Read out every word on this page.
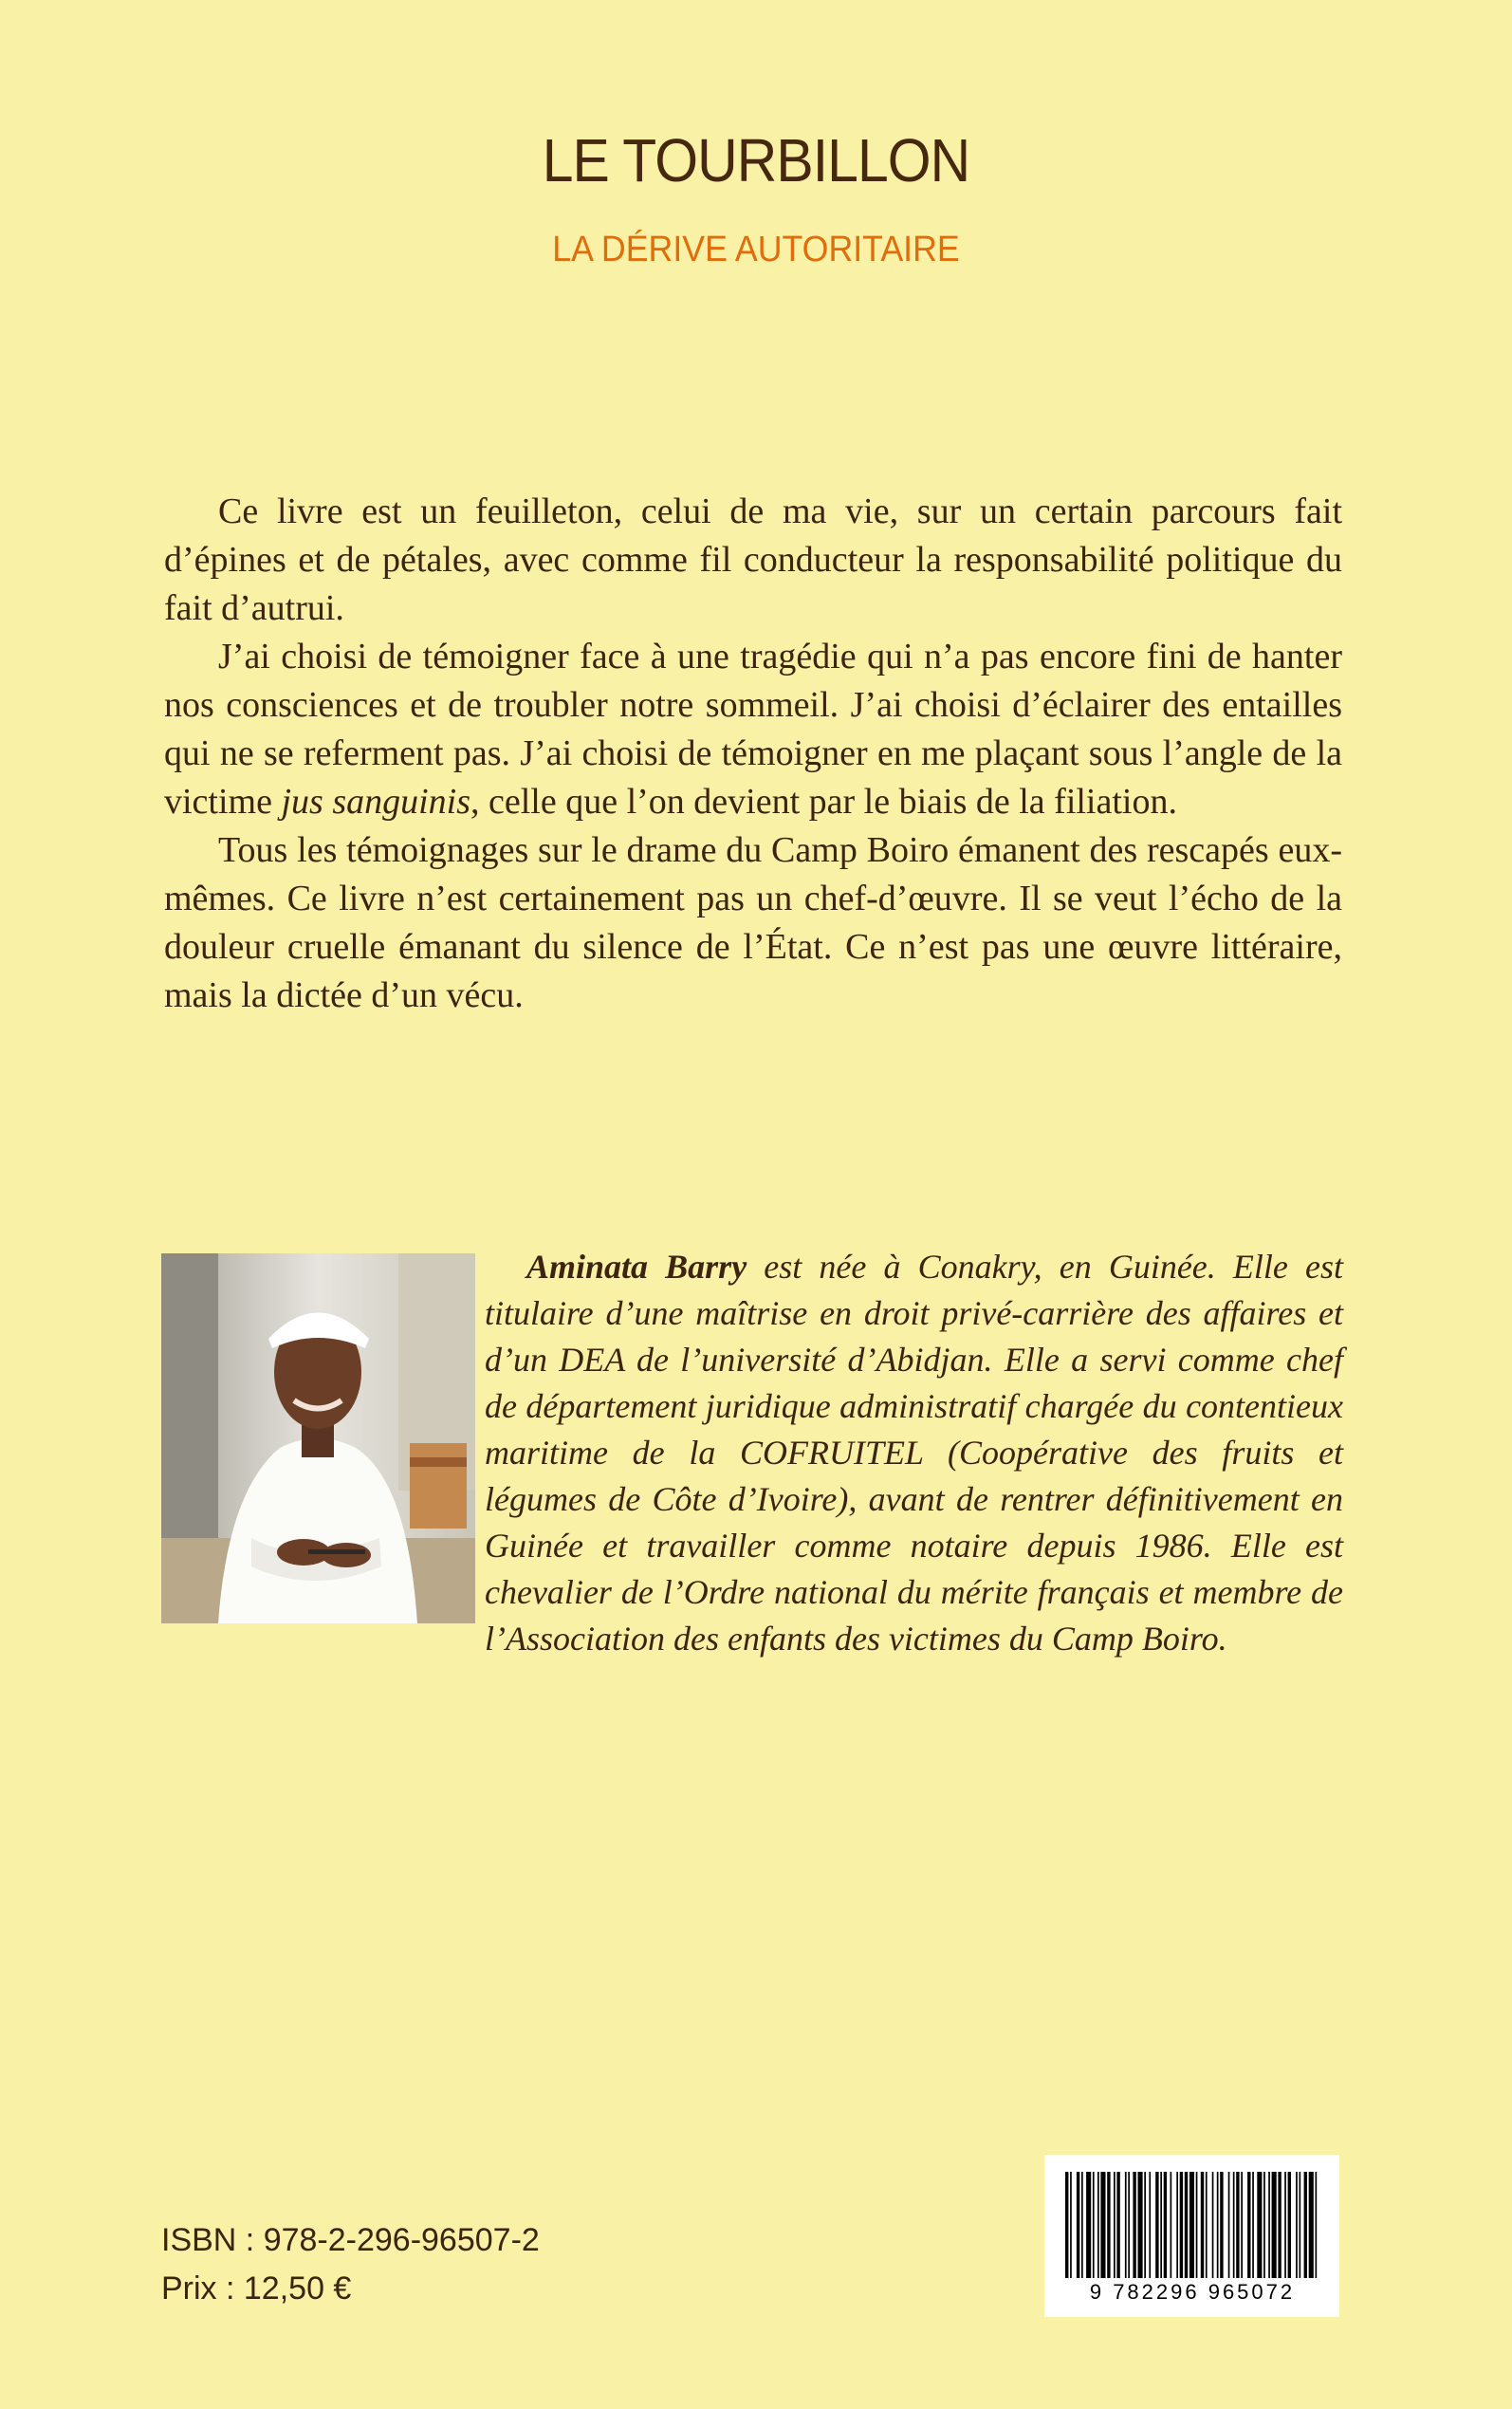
LE TOURBILLON
LA DÉRIVE AUTORITAIRE

Ce livre est un feuilleton, celui de ma vie, sur un certain parcours fait d’épines et de pétales, avec comme fil conducteur la responsabilité politique du fait d’autrui.

J’ai choisi de témoigner face à une tragédie qui n’a pas encore fini de hanter nos consciences et de troubler notre sommeil. J’ai choisi d’éclairer des entailles qui ne se referment pas. J’ai choisi de témoigner en me plaçant sous l’angle de la victime jus sanguinis, celle que l’on devient par le biais de la filiation.

Tous les témoignages sur le drame du Camp Boiro émanent des rescapés eux-mêmes. Ce livre n’est certainement pas un chef-d’œuvre. Il se veut l’écho de la douleur cruelle émanant du silence de l’État. Ce n’est pas une œuvre littéraire, mais la dictée d’un vécu.

Aminata Barry est née à Conakry, en Guinée. Elle est titulaire d’une maîtrise en droit privé-carrière des affaires et d’un DEA de l’université d’Abidjan. Elle a servi comme chef de département juridique administratif chargée du contentieux maritime de la COFRUITEL (Coopérative des fruits et légumes de Côte d’Ivoire), avant de rentrer définitivement en Guinée et travailler comme notaire depuis 1986. Elle est chevalier de l’Ordre national du mérite français et membre de l’Association des enfants des victimes du Camp Boiro.

ISBN : 978-2-296-96507-2
Prix : 12,50 €	9 782296 965072
